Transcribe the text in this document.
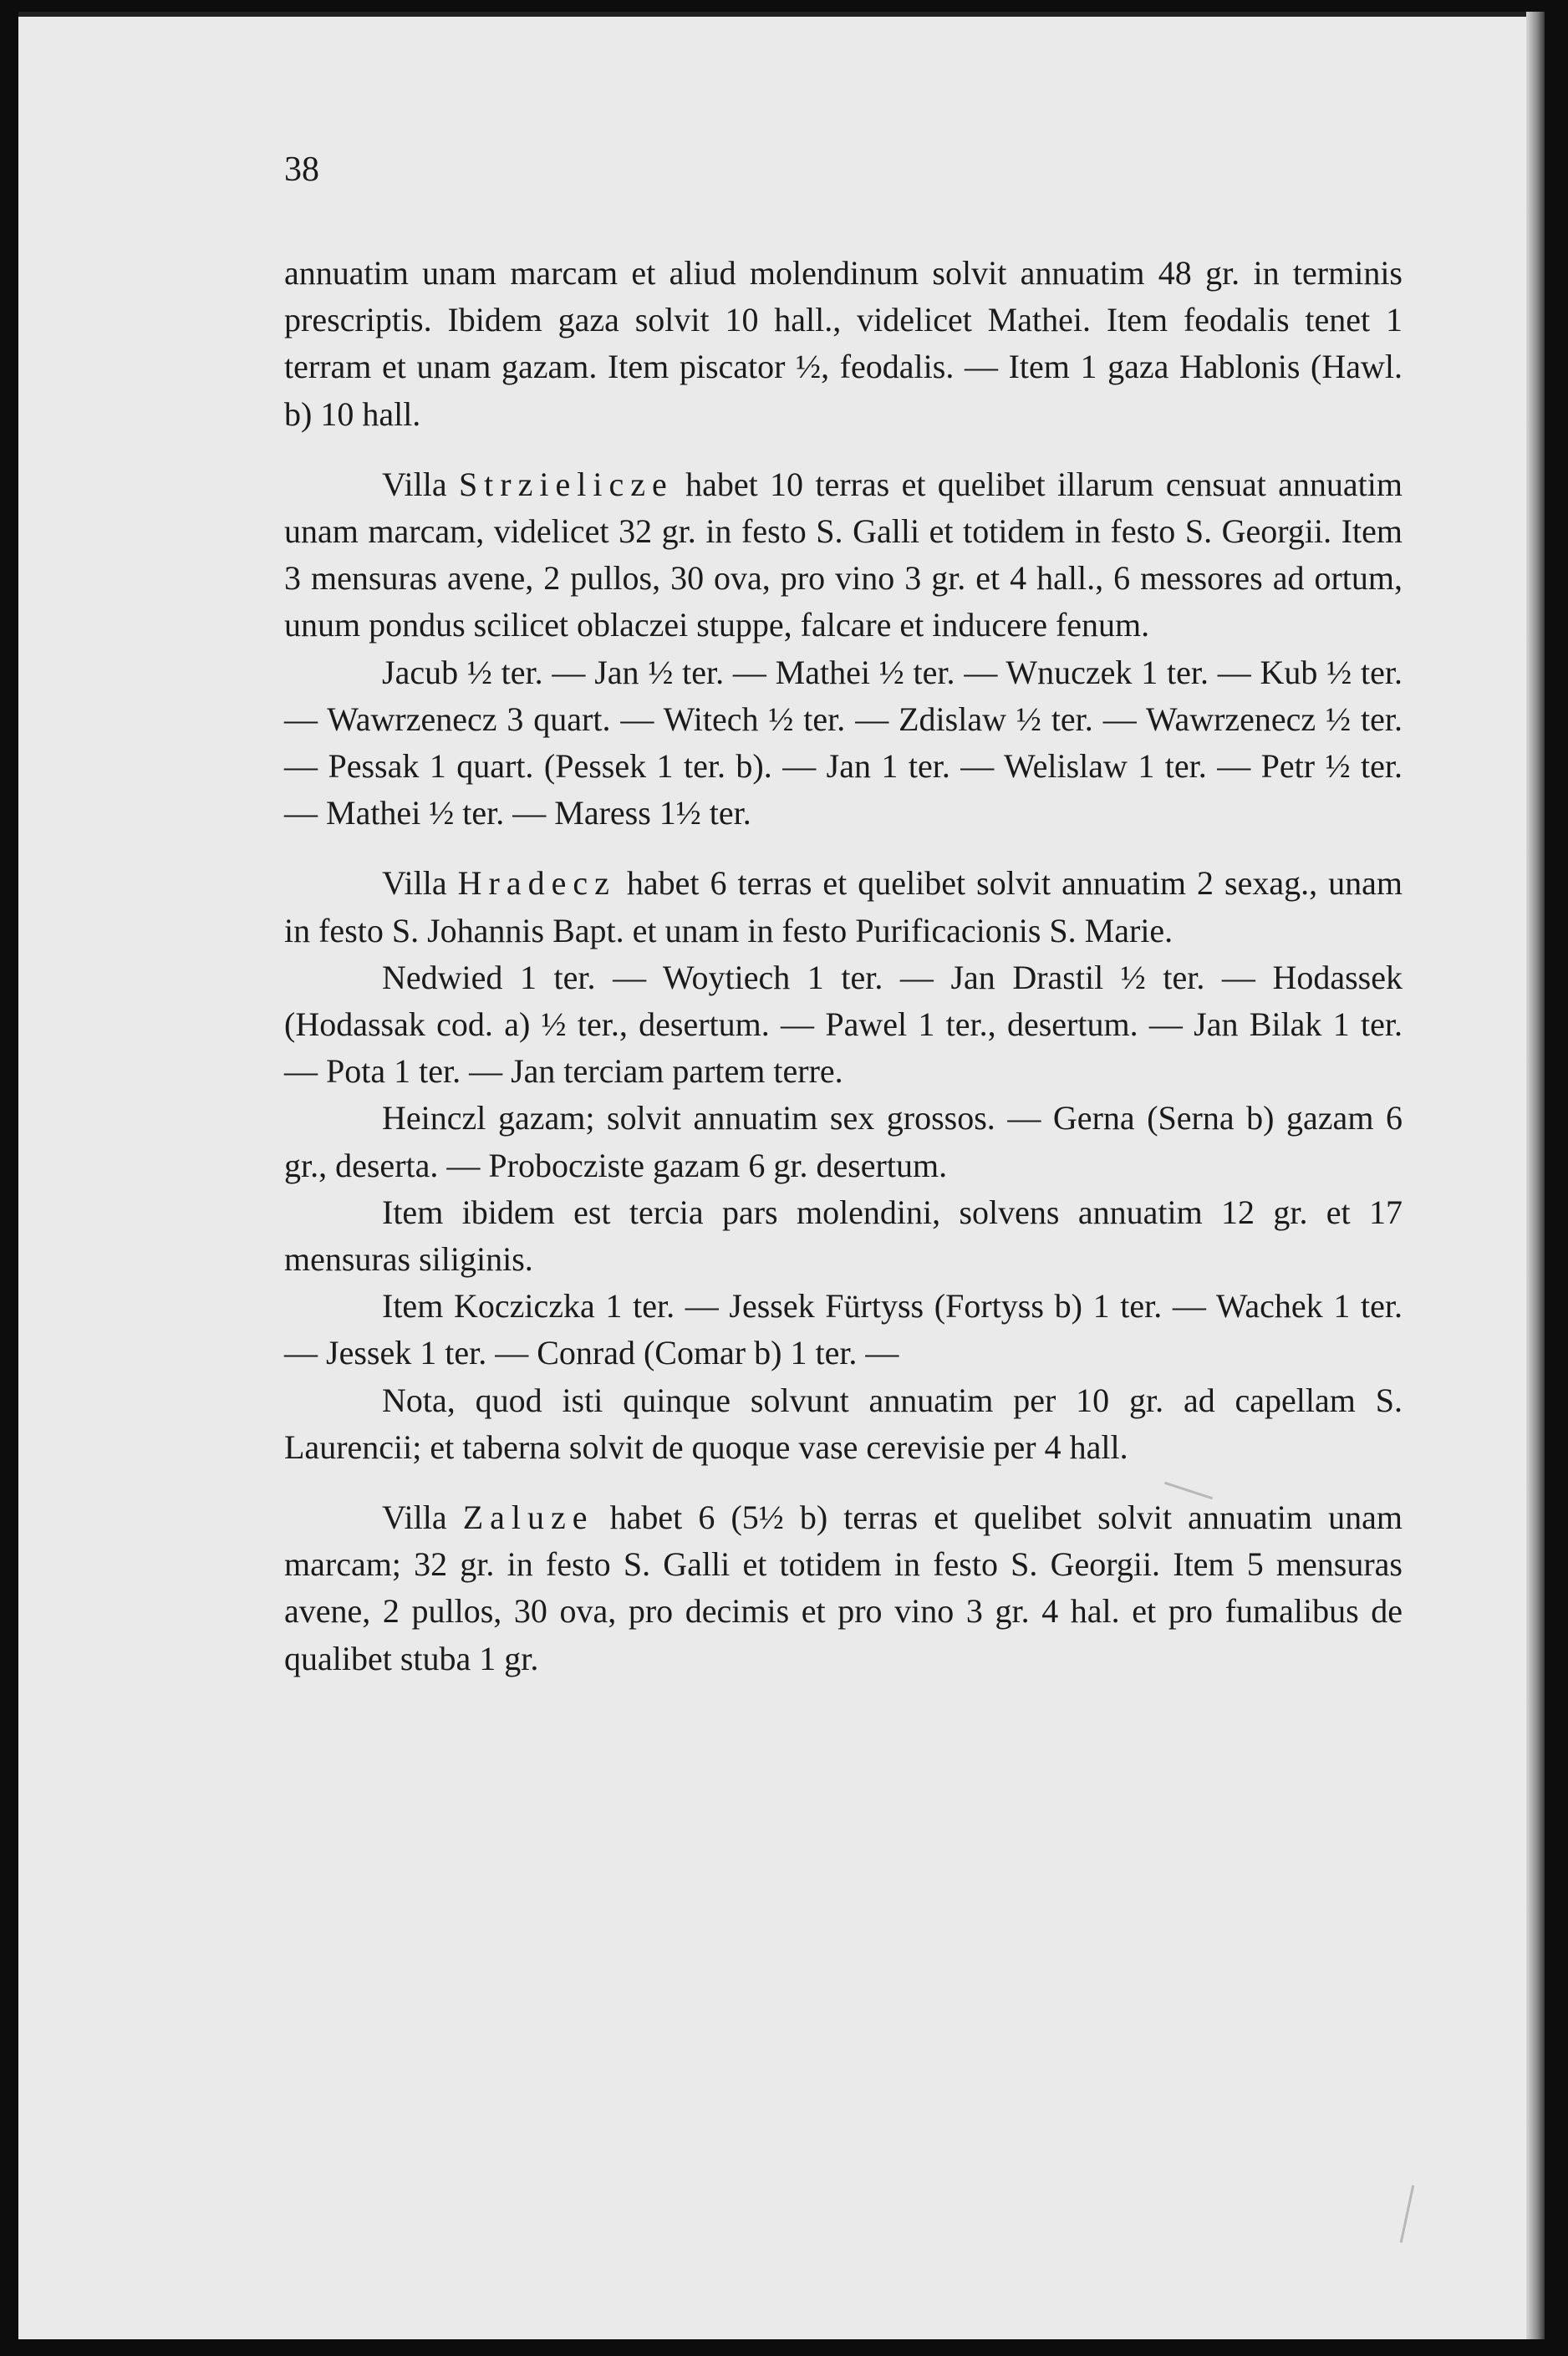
38

annuatim unam marcam et aliud molendinum solvit annuatim 48 gr. in terminis prescriptis. Ibidem gaza solvit 10 hall., videlicet Mathei. Item feodalis tenet 1 terram et unam gazam. Item piscator ½, feodalis. — Item 1 gaza Hablonis (Hawl. b) 10 hall.

Villa Strzielicze habet 10 terras et quelibet illarum censuat annuatim unam marcam, videlicet 32 gr. in festo S. Galli et totidem in festo S. Georgii. Item 3 mensuras avene, 2 pullos, 30 ova, pro vino 3 gr. et 4 hall., 6 messores ad ortum, unum pondus scilicet oblaczei stuppe, falcare et inducere fenum.

Jacub ½ ter. — Jan ½ ter. — Mathei ½ ter. — Wnuczek 1 ter. — Kub ½ ter. — Wawrzenecz 3 quart. — Witech ½ ter. — Zdislaw ½ ter. — Wawrzenecz ½ ter. — Pessak 1 quart. (Pessek 1 ter. b). — Jan 1 ter. — Welislaw 1 ter. — Petr ½ ter. — Mathei ½ ter. — Maress 1½ ter.

Villa Hradecz habet 6 terras et quelibet solvit annuatim 2 sexag., unam in festo S. Johannis Bapt. et unam in festo Purificacionis S. Marie.

Nedwied 1 ter. — Woytiech 1 ter. — Jan Drastil ½ ter. — Hodassek (Hodassak cod. a) ½ ter., desertum. — Pawel 1 ter., desertum. — Jan Bilak 1 ter. — Pota 1 ter. — Jan terciam partem terre.

Heinczl gazam; solvit annuatim sex grossos. — Gerna (Serna b) gazam 6 gr., deserta. — Probocziste gazam 6 gr. desertum.

Item ibidem est tercia pars molendini, solvens annuatim 12 gr. et 17 mensuras siliginis.

Item Kocziczka 1 ter. — Jessek Fürtyss (Fortyss b) 1 ter. — Wachek 1 ter. — Jessek 1 ter. — Conrad (Comar b) 1 ter. —

Nota, quod isti quinque solvunt annuatim per 10 gr. ad capellam S. Laurencii; et taberna solvit de quoque vase cerevisie per 4 hall.

Villa Zaluze habet 6 (5½ b) terras et quelibet solvit annuatim unam marcam; 32 gr. in festo S. Galli et totidem in festo S. Georgii. Item 5 mensuras avene, 2 pullos, 30 ova, pro decimis et pro vino 3 gr. 4 hal. et pro fumalibus de qualibet stuba 1 gr.
